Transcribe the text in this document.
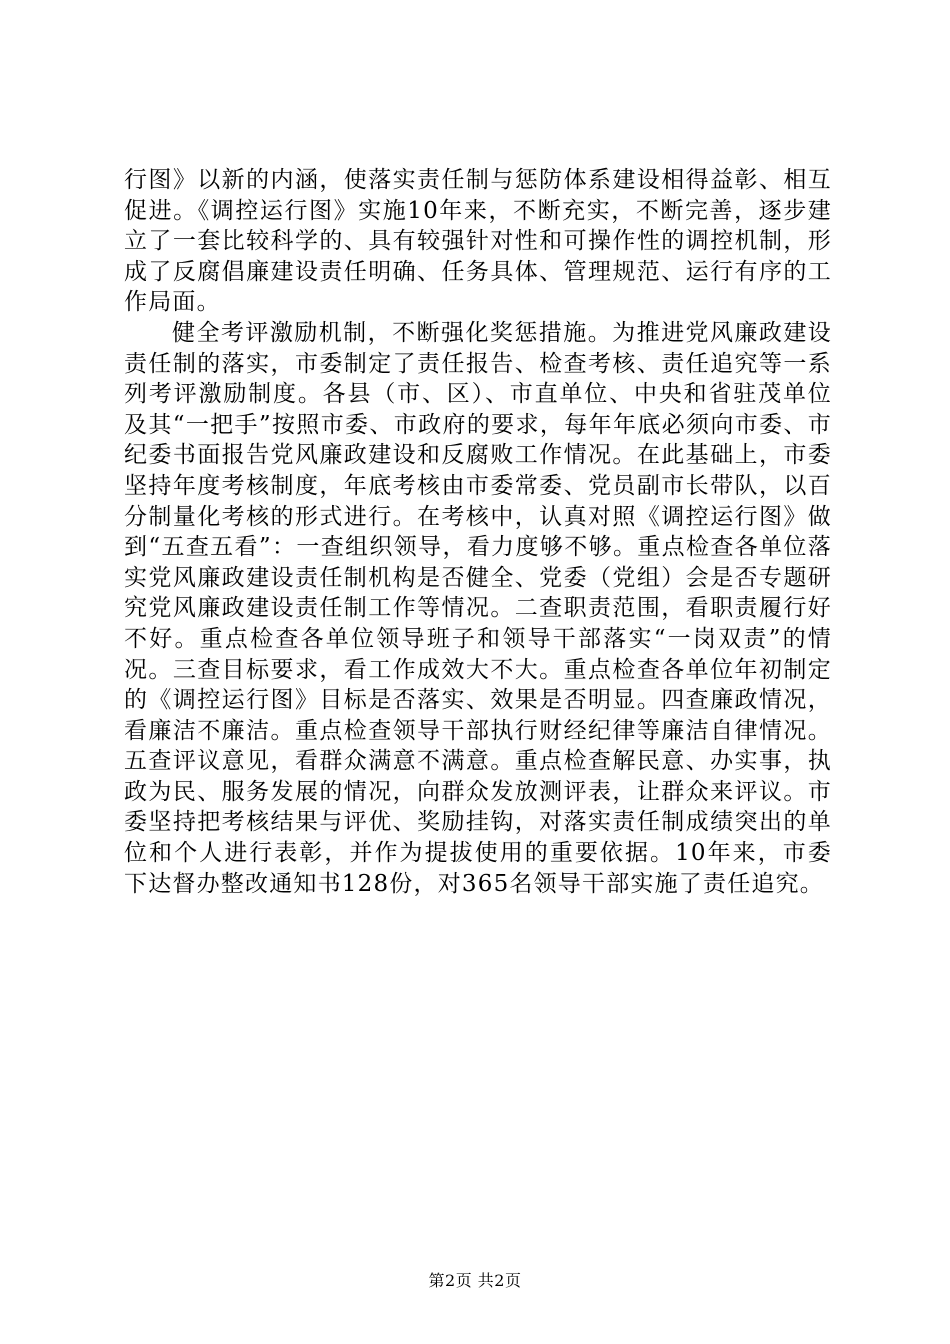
行图》以新的内涵，使落实责任制与惩防体系建设相得益彰、相互促进。《调控运行图》实施10年来，不断充实，不断完善，逐步建立了一套比较科学的、具有较强针对性和可操作性的调控机制，形成了反腐倡廉建设责任明确、任务具体、管理规范、运行有序的工作局面。

健全考评激励机制，不断强化奖惩措施。为推进党风廉政建设责任制的落实，市委制定了责任报告、检查考核、责任追究等一系列考评激励制度。各县（市、区）、市直单位、中央和省驻茂单位及其“一把手”按照市委、市政府的要求，每年年底必须向市委、市纪委书面报告党风廉政建设和反腐败工作情况。在此基础上，市委坚持年度考核制度，年底考核由市委常委、党员副市长带队，以百分制量化考核的形式进行。在考核中，认真对照《调控运行图》做到“五查五看”：一查组织领导，看力度够不够。重点检查各单位落实党风廉政建设责任制机构是否健全、党委（党组）会是否专题研究党风廉政建设责任制工作等情况。二查职责范围，看职责履行好不好。重点检查各单位领导班子和领导干部落实“一岗双责”的情况。三查目标要求，看工作成效大不大。重点检查各单位年初制定的《调控运行图》目标是否落实、效果是否明显。四查廉政情况，看廉洁不廉洁。重点检查领导干部执行财经纪律等廉洁自律情况。五查评议意见，看群众满意不满意。重点检查解民意、办实事，执政为民、服务发展的情况，向群众发放测评表，让群众来评议。市委坚持把考核结果与评优、奖励挂钩，对落实责任制成绩突出的单位和个人进行表彰，并作为提拔使用的重要依据。10年来，市委下达督办整改通知书128份，对365名领导干部实施了责任追究。

第2页 共2页
